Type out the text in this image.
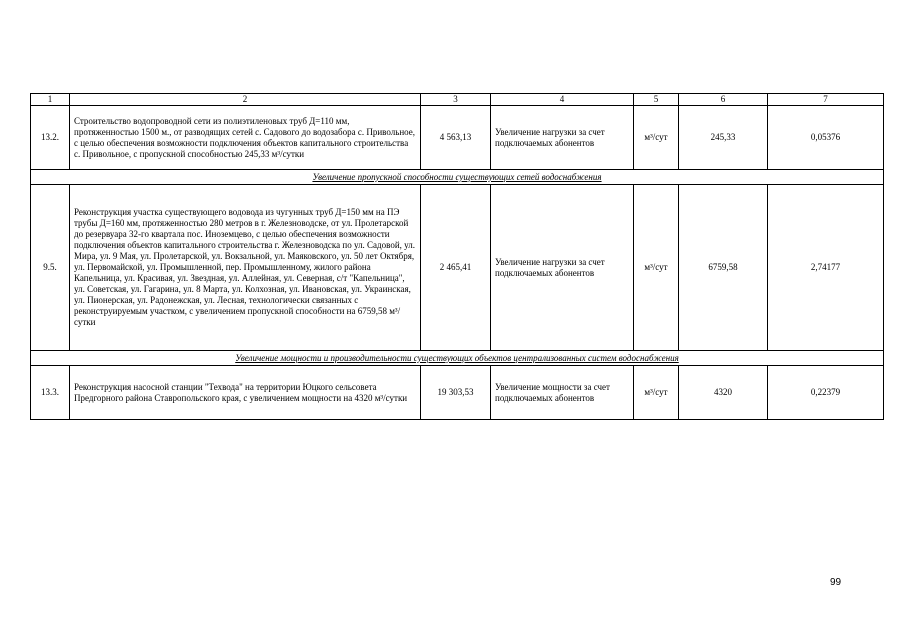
1	2	3	4	5	6	7
13.2.	Строительство водопроводной сети из полиэтиленовых труб Д=110 мм, протяженностью 1500 м., от разводящих сетей с. Садового до водозабора с. Привольное, с целью обеспечения возможности подключения объектов капитального строительства с. Привольное, с пропускной способностью 245,33 м³/сутки	4 563,13	Увеличение нагрузки за счет подключаемых абонентов	м³/сут	245,33	0,05376
Увеличение пропускной способности существующих сетей водоснабжения						
9.5.	Реконструкция участка существующего водовода из чугунных труб Д=150 мм на ПЭ трубы Д=160 мм, протяженностью 280 метров в г. Железноводске, от ул. Пролетарской до резервуара 32-го квартала пос. Иноземцево, с целью обеспечения возможности подключения объектов капитального строительства г. Железноводска по ул. Садовой, ул. Мира, ул. 9 Мая, ул. Пролетарской, ул. Вокзальной, ул. Маяковского, ул. 50 лет Октября, ул. Первомайской, ул. Промышленной, пер. Промышленному, жилого района Капельница, ул. Красивая, ул. Звездная, ул. Аллейная, ул. Северная, с/т "Капельница", ул. Советская, ул. Гагарина, ул. 8 Марта, ул. Колхозная, ул. Ивановская, ул. Украинская, ул. Пионерская, ул. Радонежская, ул. Лесная, технологически связанных с реконструируемым участком, с увеличением пропускной способности на 6759,58 м³/сутки	2 465,41	Увеличение нагрузки за счет подключаемых абонентов	м³/сут	6759,58	2,74177
Увеличение мощности и производительности существующих объектов централизованных систем водоснабжения						
13.3.	Реконструкция насосной станции "Техвода" на территории Юцкого сельсовета Предгорного района Ставропольского края, с увеличением мощности на 4320 м³/сутки	19 303,53	Увеличение мощности за счет подключаемых абонентов	м³/сут	4320	0,22379
99
